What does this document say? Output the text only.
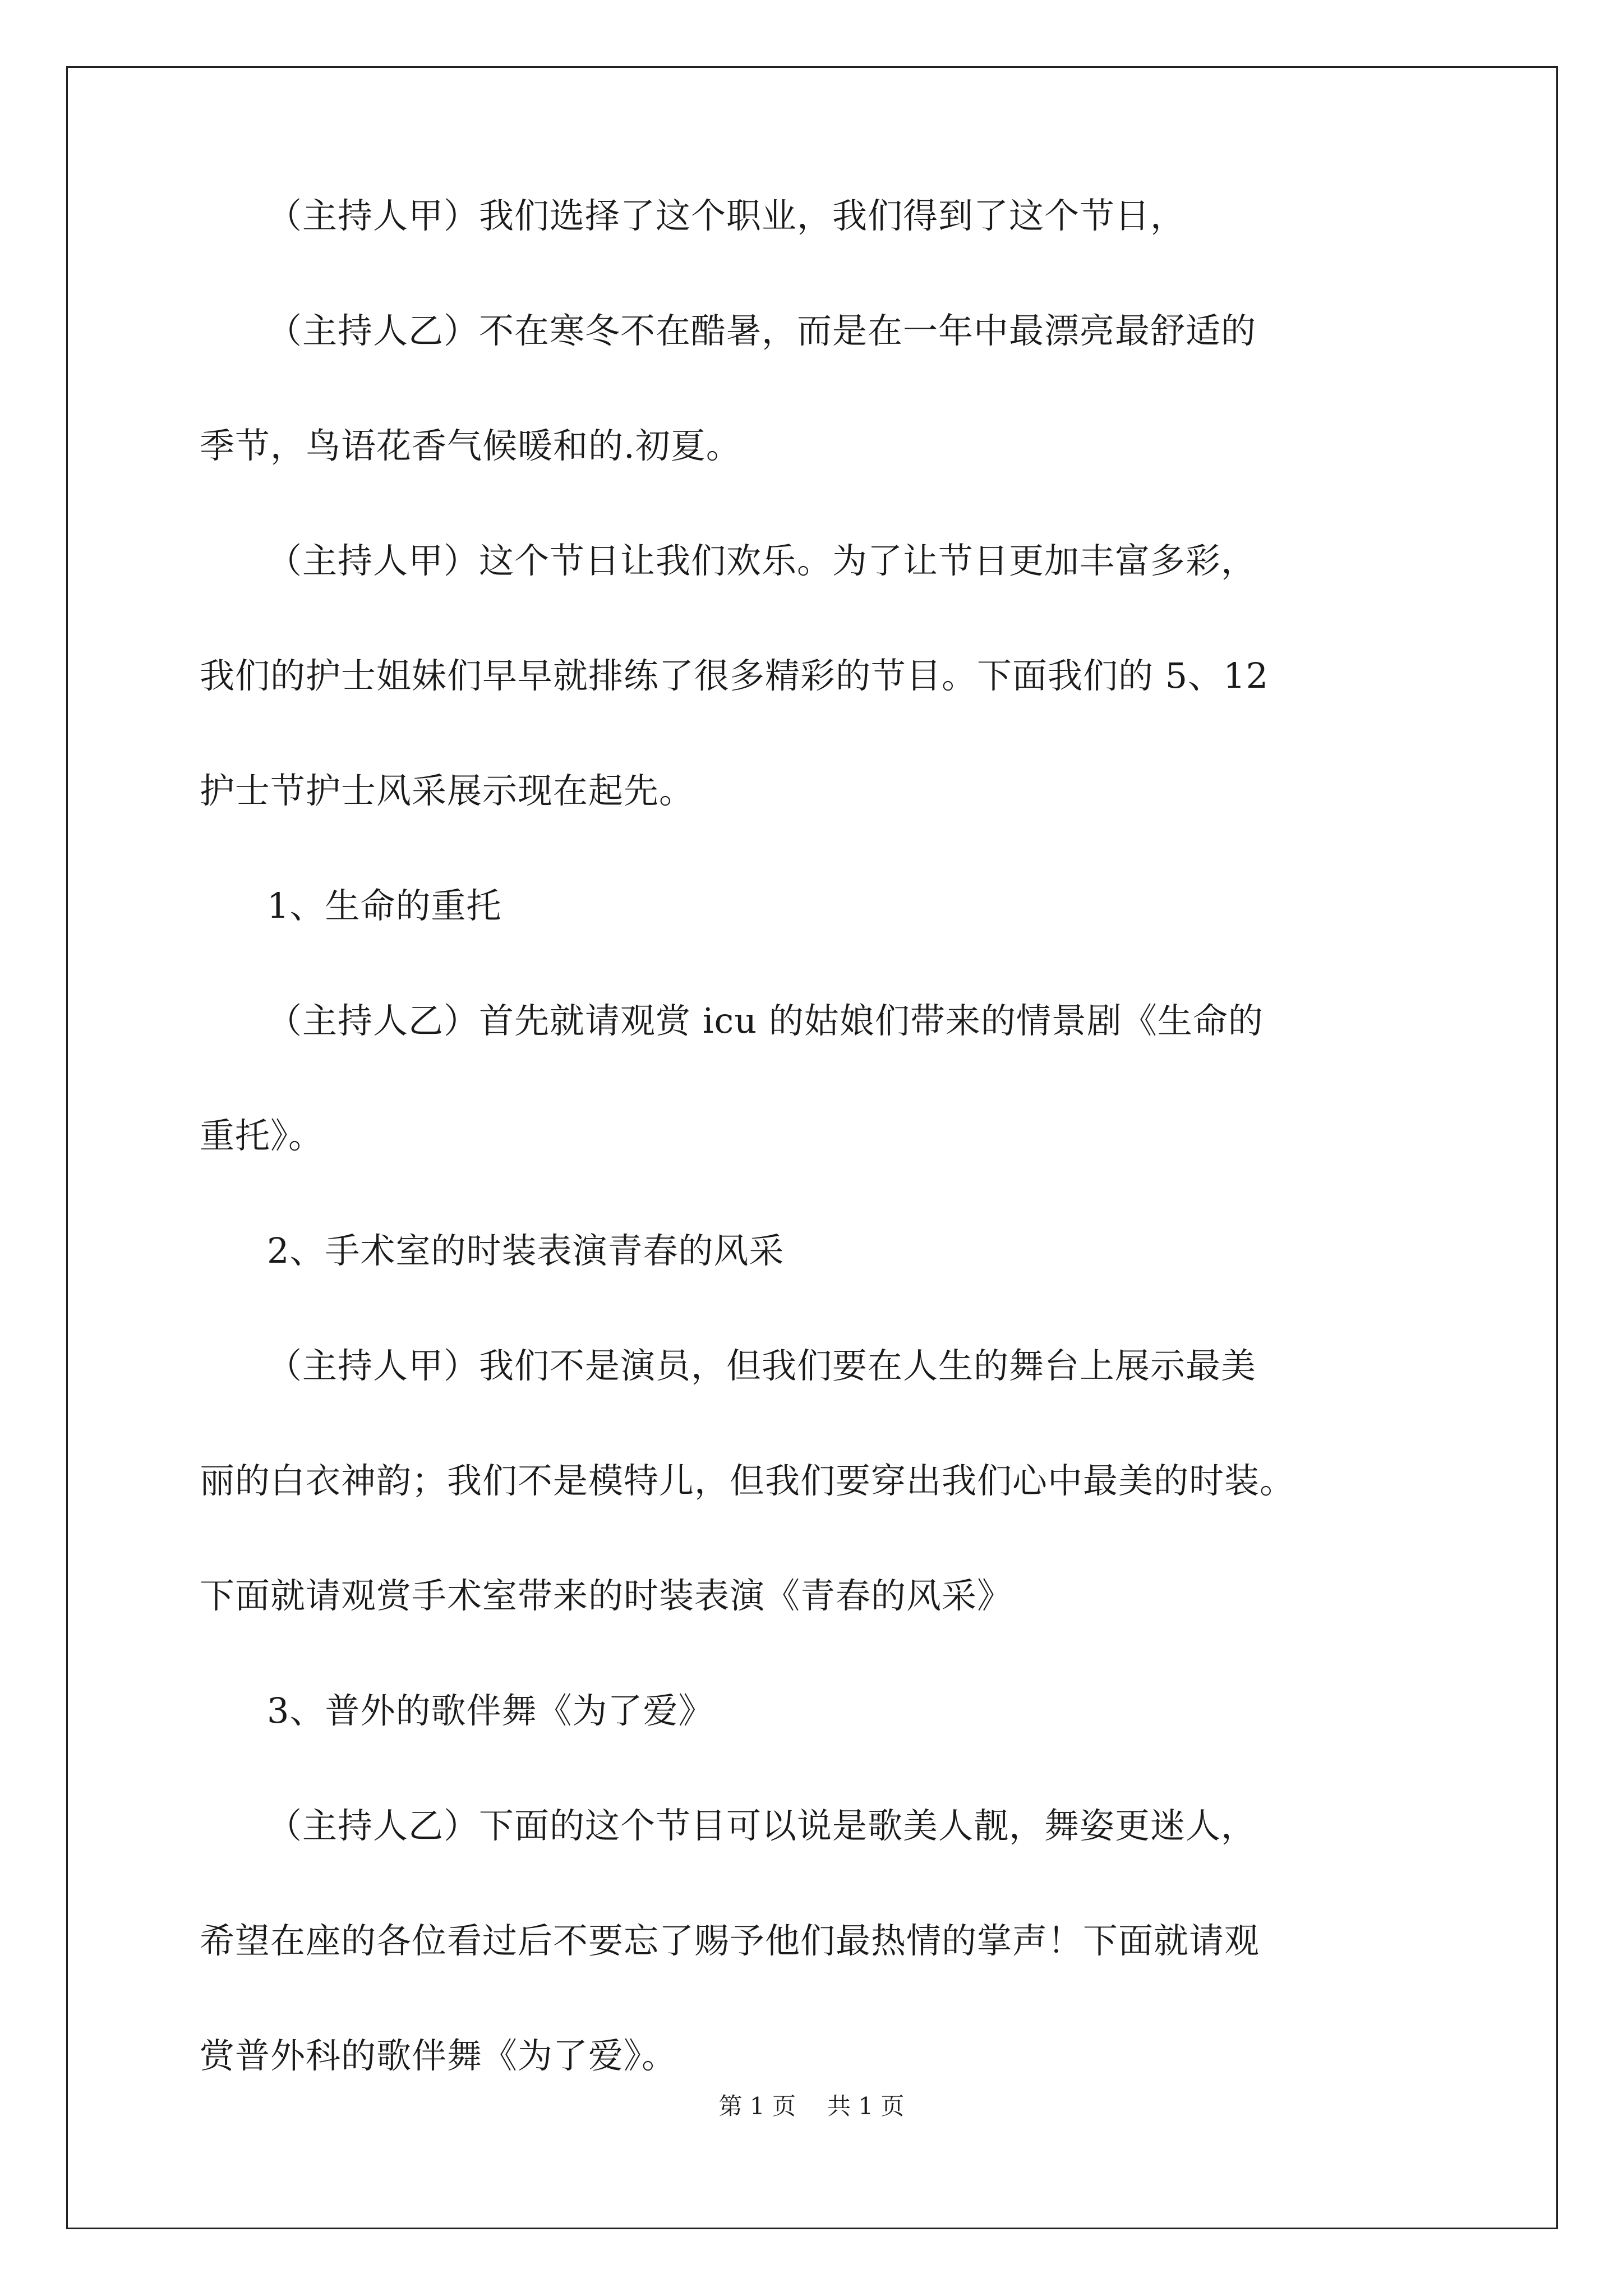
（主持人甲）我们选择了这个职业，我们得到了这个节日，
（主持人乙）不在寒冬不在酷暑，而是在一年中最漂亮最舒适的
季节，鸟语花香气候暖和的.初夏。
（主持人甲）这个节日让我们欢乐。为了让节日更加丰富多彩，
我们的护士姐妹们早早就排练了很多精彩的节目。下面我们的 5、12
护士节护士风采展示现在起先。
1、生命的重托
（主持人乙）首先就请观赏 icu 的姑娘们带来的情景剧《生命的
重托》。
2、手术室的时装表演青春的风采
（主持人甲）我们不是演员，但我们要在人生的舞台上展示最美
丽的白衣神韵；我们不是模特儿，但我们要穿出我们心中最美的时装。
下面就请观赏手术室带来的时装表演《青春的风采》
3、普外的歌伴舞《为了爱》
（主持人乙）下面的这个节目可以说是歌美人靓，舞姿更迷人，
希望在座的各位看过后不要忘了赐予他们最热情的掌声！下面就请观
赏普外科的歌伴舞《为了爱》。
第 1 页 共 1 页
